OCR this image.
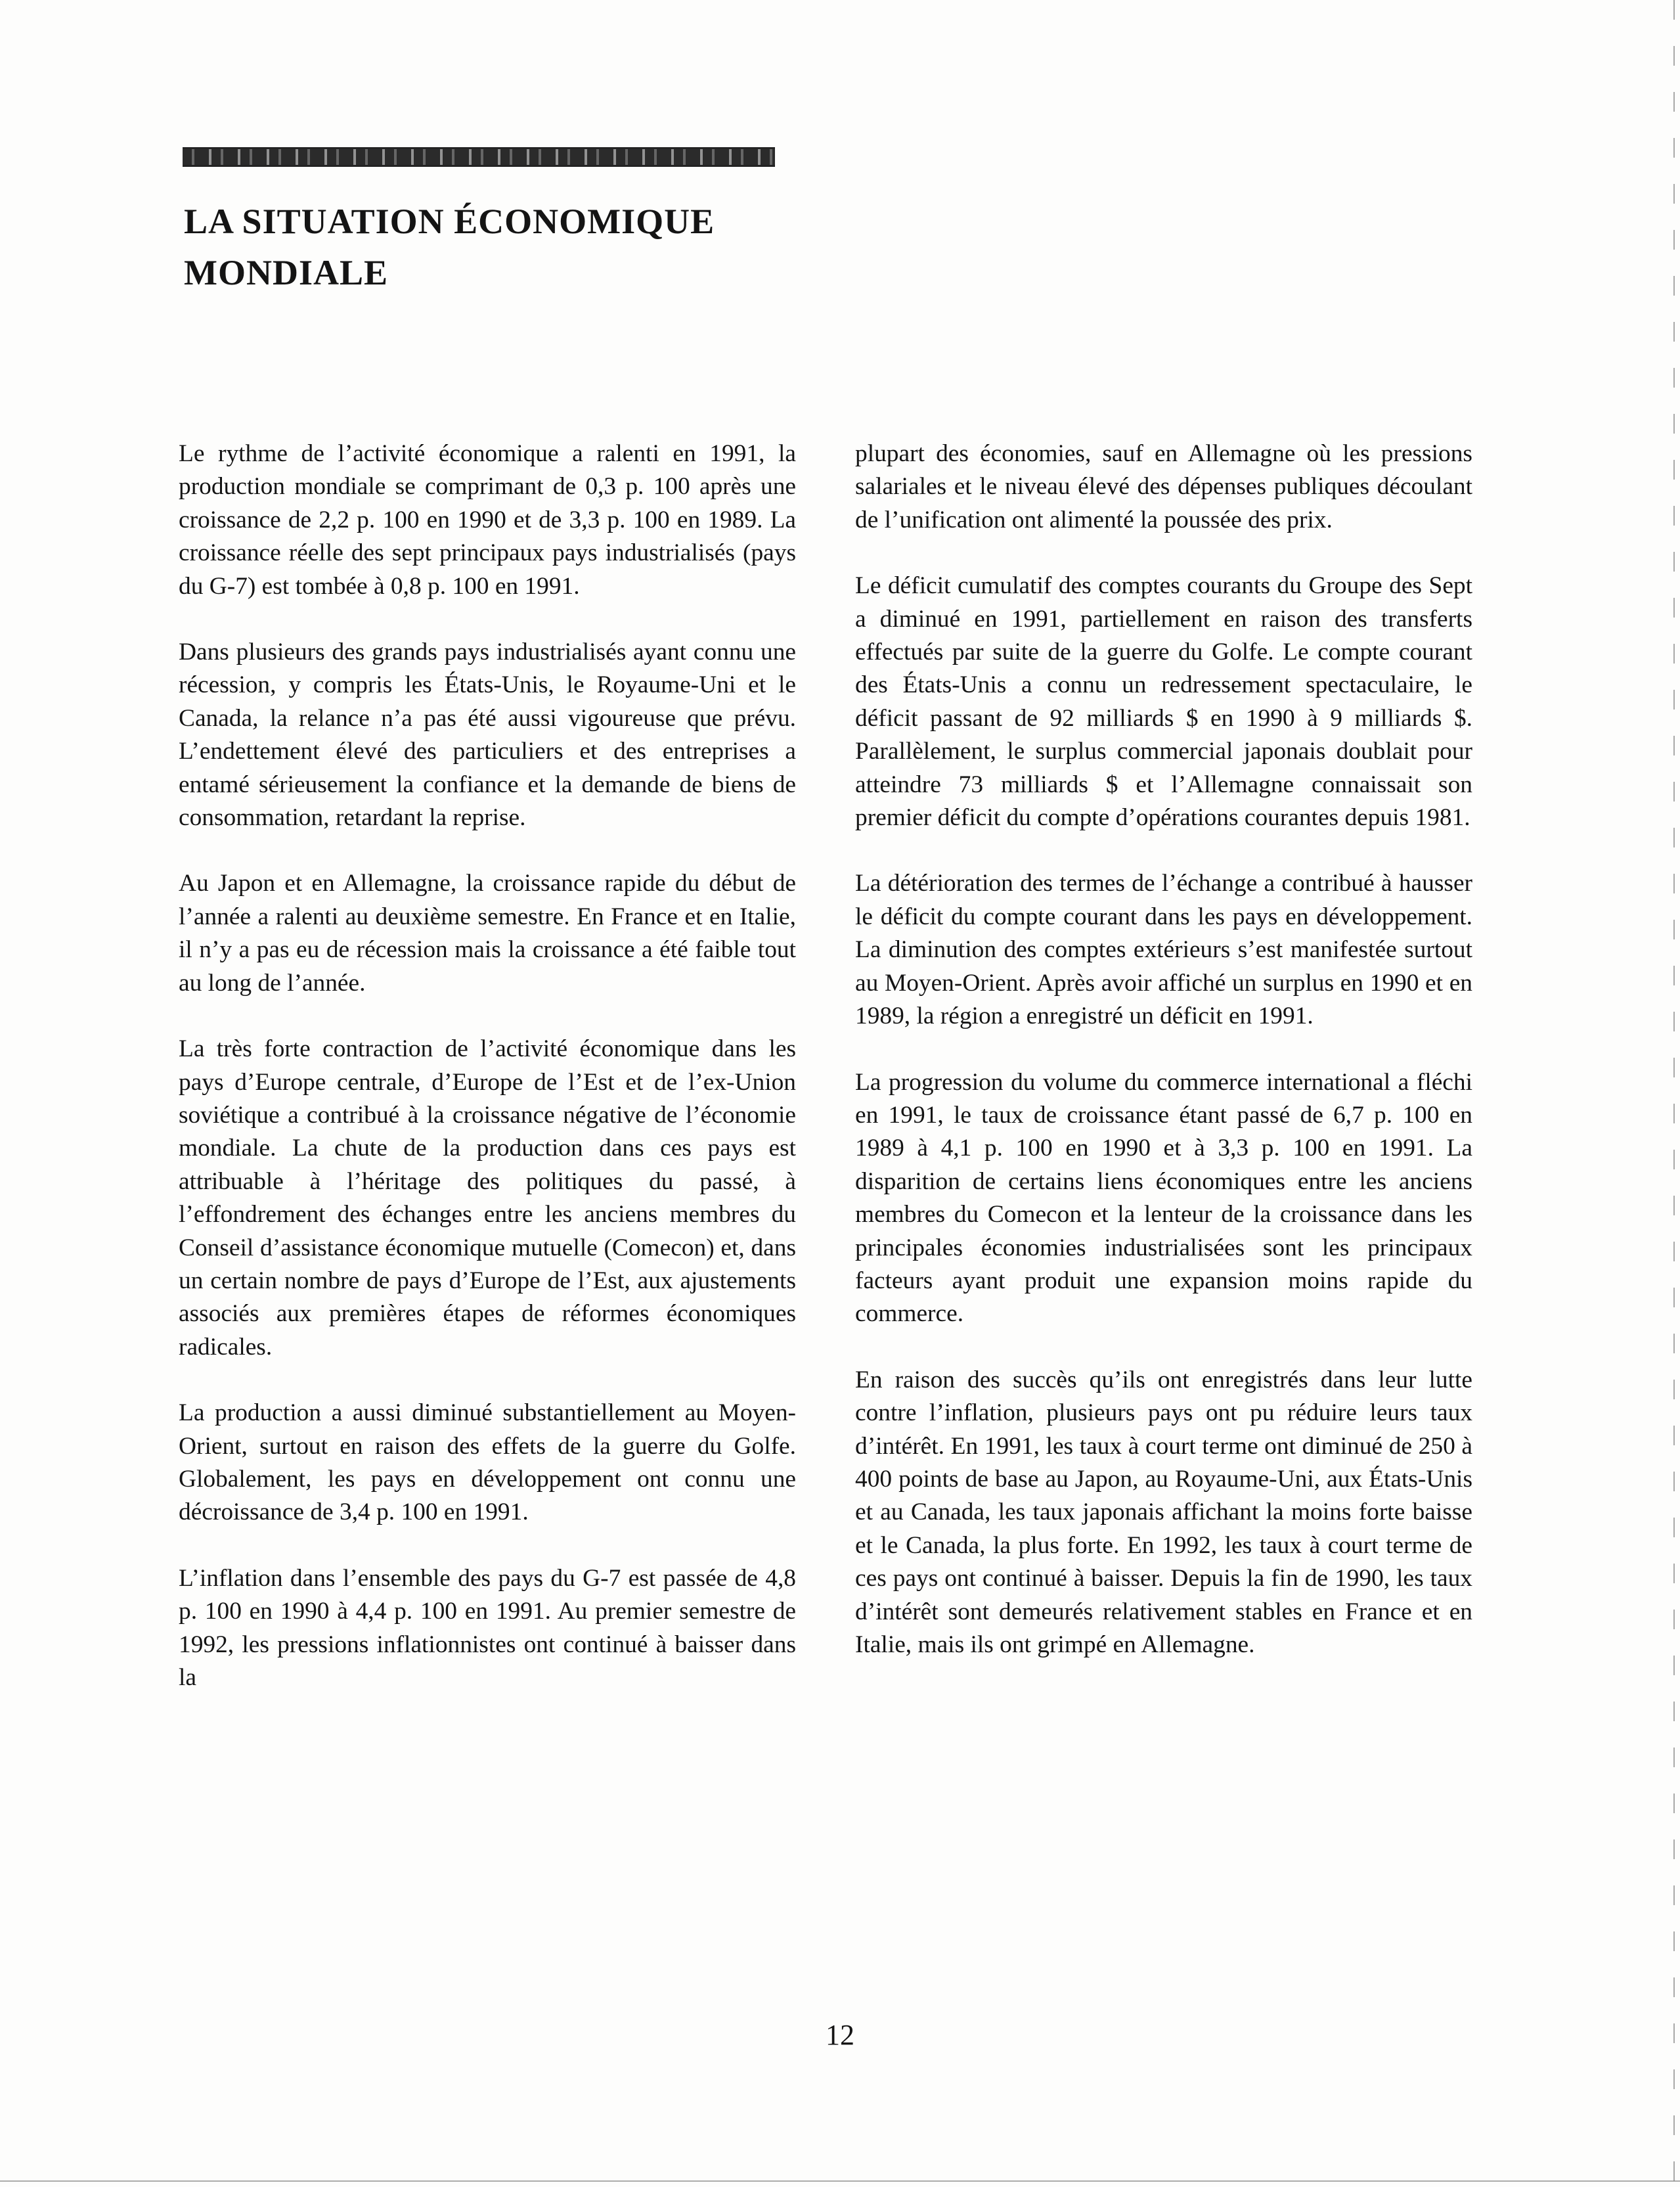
LA SITUATION ÉCONOMIQUE
MONDIALE

Le rythme de l’activité économique a ralenti en 1991, la production mondiale se comprimant de 0,3 p. 100 après une croissance de 2,2 p. 100 en 1990 et de 3,3 p. 100 en 1989. La croissance réelle des sept principaux pays industrialisés (pays du G-7) est tombée à 0,8 p. 100 en 1991.

Dans plusieurs des grands pays industrialisés ayant connu une récession, y compris les États-Unis, le Royaume-Uni et le Canada, la relance n’a pas été aussi vigoureuse que prévu. L’endettement élevé des particuliers et des entreprises a entamé sérieusement la confiance et la demande de biens de consommation, retardant la reprise.

Au Japon et en Allemagne, la croissance rapide du début de l’année a ralenti au deuxième semestre. En France et en Italie, il n’y a pas eu de récession mais la croissance a été faible tout au long de l’année.

La très forte contraction de l’activité économique dans les pays d’Europe centrale, d’Europe de l’Est et de l’ex-Union soviétique a contribué à la croissance négative de l’économie mondiale. La chute de la production dans ces pays est attribuable à l’héritage des politiques du passé, à l’effondrement des échanges entre les anciens membres du Conseil d’assistance économique mutuelle (Comecon) et, dans un certain nombre de pays d’Europe de l’Est, aux ajustements associés aux premières étapes de réformes économiques radicales.

La production a aussi diminué substantiellement au Moyen-Orient, surtout en raison des effets de la guerre du Golfe. Globalement, les pays en développement ont connu une décroissance de 3,4 p. 100 en 1991.

L’inflation dans l’ensemble des pays du G-7 est passée de 4,8 p. 100 en 1990 à 4,4 p. 100 en 1991. Au premier semestre de 1992, les pressions inflationnistes ont continué à baisser dans la

plupart des économies, sauf en Allemagne où les pressions salariales et le niveau élevé des dépenses publiques découlant de l’unification ont alimenté la poussée des prix.

Le déficit cumulatif des comptes courants du Groupe des Sept a diminué en 1991, partiellement en raison des transferts effectués par suite de la guerre du Golfe. Le compte courant des États-Unis a connu un redressement spectaculaire, le déficit passant de 92 milliards $ en 1990 à 9 milliards $. Parallèlement, le surplus commercial japonais doublait pour atteindre 73 milliards $ et l’Allemagne connaissait son premier déficit du compte d’opérations courantes depuis 1981.

La détérioration des termes de l’échange a contribué à hausser le déficit du compte courant dans les pays en développement. La diminution des comptes extérieurs s’est manifestée surtout au Moyen-Orient. Après avoir affiché un surplus en 1990 et en 1989, la région a enregistré un déficit en 1991.

La progression du volume du commerce international a fléchi en 1991, le taux de croissance étant passé de 6,7 p. 100 en 1989 à 4,1 p. 100 en 1990 et à 3,3 p. 100 en 1991. La disparition de certains liens économiques entre les anciens membres du Comecon et la lenteur de la croissance dans les principales économies industrialisées sont les principaux facteurs ayant produit une expansion moins rapide du commerce.

En raison des succès qu’ils ont enregistrés dans leur lutte contre l’inflation, plusieurs pays ont pu réduire leurs taux d’intérêt. En 1991, les taux à court terme ont diminué de 250 à 400 points de base au Japon, au Royaume-Uni, aux États-Unis et au Canada, les taux japonais affichant la moins forte baisse et le Canada, la plus forte. En 1992, les taux à court terme de ces pays ont continué à baisser. Depuis la fin de 1990, les taux d’intérêt sont demeurés relativement stables en France et en Italie, mais ils ont grimpé en Allemagne.

12
